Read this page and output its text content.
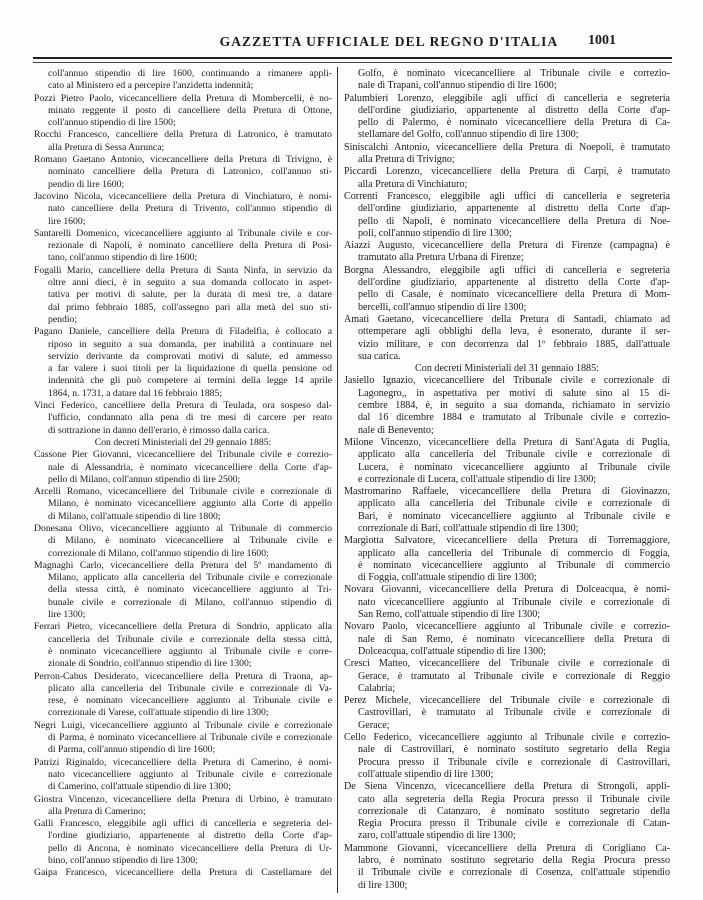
GAZZETTA UFFICIALE DEL REGNO D'ITALIA	1001
coll'annuo stipendio di lire 1600, continuando a rimanere appli-
cato al Ministero ed a percepire l'anzidetta indennità;
Pozzi Pietro Paolo, vicecancelliere della Pretura di Mombercelli, è no-
minato reggente il posto di cancelliere della Pretura di Ottone,
coll'annuo stipendio di lire 1500;
Rocchi Francesco, cancelliere della Pretura di Latronico, è tramutato
alla Pretura di Sessa Aurunca;
Romano Gaetano Antonio, vicecancelliere della Pretura di Trivigno, è
nominato cancelliere della Pretura di Latronico, coll'annuo sti-
pendio di lire 1600;
Jacovino Nicola, vicecancelliere della Pretura di Vinchiaturo, è nomi-
nato cancelliere della Pretura di Trivento, coll'annuo stipendio di
lire 1600;
Santarelli Domenico, vicecancelliere aggiunto al Tribunale civile e cor-
rezionale di Napoli, è nominato cancelliere della Pretura di Posi-
tano, coll'annuo stipendio di lire 1600;
Fogalli Mario, cancelliere della Pretura di Santa Ninfa, in servizio da
oltre anni dieci, è in seguito a sua domanda collocato in aspet-
tativa per motivi di salute, per la durata di mesi tre, a datare
dal primo febbraio 1885, coll'assegno pari alla metà del suo sti-
pendio;
Pagano Daniele, cancelliere della Pretura di Filadelfia, è collocato a
riposo in seguito a sua domanda, per inabilità a continuare nel
servizio derivante da comprovati motivi di salute, ed ammesso
a far valere i suoi titoli per la liquidazione di quella pensione od
indennità che gli può competere ai termini della legge 14 aprile
1864, n. 1731, a datare dal 16 febbraio 1885;
Vinci Federico, cancelliere della Pretura di Teulada, ora sospeso dal-
l'ufficio, condannato alla pena di tre mesi di carcere per reato
di sottrazione in danno dell'erario, è rimosso dalla carica.
Con decreti Ministeriali del 29 gennaio 1885:
Cassone Pier Giovanni, vicecancelliere del Tribunale civile e correzio-
nale di Alessandria, è nominato vicecancelliere della Corte d'ap-
pello di Milano, coll'annuo stipendio di lire 2500;
Arcelli Romano, vicecancelliere del Tribunale civile e correzionale di
Milano, è nominato vicecancelliere aggiunto alla Corte di appello
di Milano, coll'attuale stipendio di lire 1800;
Donesana Olivo, vicecancelliere aggiunto al Tribunale di commercio
di Milano, è nominato vicecancelliere al Tribunale civile e
correzionale di Milano, coll'annuo stipendio di lire 1600;
Magnaghi Carlo, vicecancelliere della Pretura del 5º mandamento di
Milano, applicato alla cancelleria del Tribunale civile e correzionale
della stessa città, è nominato vicecancelliere aggiunto al Tri-
bunale civile e correzionale di Milano, coll'annuo stipendio di
lire 1300;
Ferrari Pietro, vicecancelliere della Pretura di Sondrio, applicato alla
cancelleria del Tribunale civile e correzionale della stessa città,
è nominato vicecancelliere aggiunto al Tribunale civile e corre-
zionale di Sondrio, coll'annuo stipendio di lire 1300;
Perron-Cabus Desiderato, vicecancelliere della Pretura di Traona, ap-
plicato alla cancelleria del Tribunale civile e correzionale di Va-
rese, è nominato vicecancelliere aggiunto al Tribunale civile e
correzionale di Varese, coll'attuale stipendio di lire 1300;
Negri Luigi, vicecancelliere aggiunto al Tribunale civile e correzionale
di Parma, è nominato vicecancelliere al Tribunale civile e correzionale
di Parma, coll'annuo stipendio di lire 1600;
Patrizi Riginaldo, vicecancelliere della Pretura di Camerino, è nomi-
nato vicecancelliere aggiunto al Tribunale civile e correzionale
di Camerino, coll'attuale stipendio di lire 1300;
Giostra Vincenzo, vicecancelliere della Pretura di Urbino, è tramutato
alla Pretura di Camerino;
Galli Francesco, eleggibile agli uffici di cancelleria e segreteria del-
l'ordine giudiziario, appartenente al distretto della Corte d'ap-
pello di Ancona, è nominato vicecancelliere della Pretura di Ur-
bino, coll'annuo stipendio di lire 1300;
Gaipa Francesco, vicecancelliere della Pretura di Castellamare del
Golfo, è nominato vicecancelliere al Tribunale civile e correzio-
nale di Trapani, coll'annuo stipendio di lire 1600;
Palumbieri Lorenzo, eleggibile agli uffici di cancelleria e segreteria
dell'ordine giudiziario, appartenente al distretto della Corte d'ap-
pello di Palermo, è nominato vicecancelliere della Pretura di Ca-
stellamare del Golfo, coll'annuo stipendio di lire 1300;
Siniscalchi Antonio, vicecancelliere della Pretura di Noepoli, è tramutato
alla Pretura di Trivigno;
Piccardi Lorenzo, vicecancelliere della Pretura di Carpi, è tramutato
alla Pretura di Vinchiaturo;
Correnti Francesco, eleggibile agli uffici di cancelleria e segreteria
dell'ordine giudiziario, appartenente al distretto della Corte d'ap-
pello di Napoli, è nominato vicecancelliere della Pretura di Noe-
poli, coll'annuo stipendio di lire 1300;
Aiazzi Augusto, vicecancelliere della Pretura di Firenze (campagna) è
tramutato alla Pretura Urbana di Firenze;
Borgna Alessandro, eleggibile agli uffici di cancelleria e segreteria
dell'ordine giudiziario, appartenente al distretto della Corte d'ap-
pello di Casale, è nominato vicecancelliere della Pretura di Mom-
bercelli, coll'annuo stipendio di lire 1300;
Amati Gaetano, vicecancelliere della Pretura di Santadi, chiamato ad
ottemperare agli obblighi della leva, è esonerato, durante il ser-
vizio militare, e con decorrenza dal 1º febbraio 1885, dall'attuale
sua carica.
Con decreti Ministeriali del 31 gennaio 1885:
Jasiello Ignazio, vicecancelliere del Tribunale civile e correzionale di
Lagonegro,, in aspettativa per motivi di salute sino al 15 di-
cembre 1884, è, in seguito a sua domanda, richiamato in servizio
dal 16 dicembre 1884 e tramutato al Tribunale civile e correzio-
nale di Benevento;
Milone Vincenzo, vicecancelliere della Pretura di Sant'Agata di Puglia,
applicato alla cancelleria del Tribunale civile e correzionale di
Lucera, è nominato vicecancelliere aggiunto al Tribunale civile
e correzionale di Lucera, coll'attuale stipendio di lire 1300;
Mastromarino Raffaele, vicecancelliere della Pretura di Giovinazzo,
applicato alla cancelleria del Tribunale civile e correzionale di
Bari, è nominato vicecancelliere aggiunto al Tribunale civile e
correzionale di Bari, coll'attuale stipendio di lire 1300;
Margiotta Salvatore, vicecancelliere della Pretura di Torremaggiore,
applicato alla cancelleria del Tribunale di commercio di Foggia,
è nominato vicecancelliere aggiunto al Tribunale di commercio
di Foggia, coll'attuale stipendio di lire 1300;
Novara Giovanni, vicecancelliere della Pretura di Dolceacqua, è nomi-
nato vicecancelliere aggiunto al Tribunale civile e correzionale di
San Remo, coll'attuale stipendio di lire 1300;
Novaro Paolo, vicecancelliere aggiunto al Tribunale civile e correzio-
nale di San Remo, è nominato vicecancelliere della Pretura di
Dolceacqua, coll'attuale stipendio di lire 1300;
Cresci Matteo, vicecancelliere del Tribunale civile e correzionale di
Gerace, è tramutato al Tribunale civile e correzionale di Reggio
Calabria;
Perez Michele, vicecancelliere del Tribunale civile e correzionale di
Castrovillari, è tramutato al Tribunale civile e correzionale di
Gerace;
Cello Federico, vicecancelliere aggiunto al Tribunale civile e correzio-
nale di Castrovillari, è nominato sostituto segretario della Regia
Procura presso il Tribunale civile e correzionale di Castrovillari,
coll'attuale stipendio di lire 1300;
De Siena Vincenzo, vicecancelliere della Pretura di Strongoli, appli-
cato alla segreteria della Regia Procura presso il Tribunale civile
correzionale di Catanzaro, è nominato sostituto segretario della
Regia Procura presso il Tribunale civile e correzionale di Catan-
zaro, coll'attuale stipendio di lire 1300;
Mammone Giovanni, vicecancelliere della Pretura di Corigliano Ca-
labro, è nominato sostituto segretario della Regia Procura presso
il Tribunale civile e correzionale di Cosenza, coll'attuale stipendio
di lire 1300;
